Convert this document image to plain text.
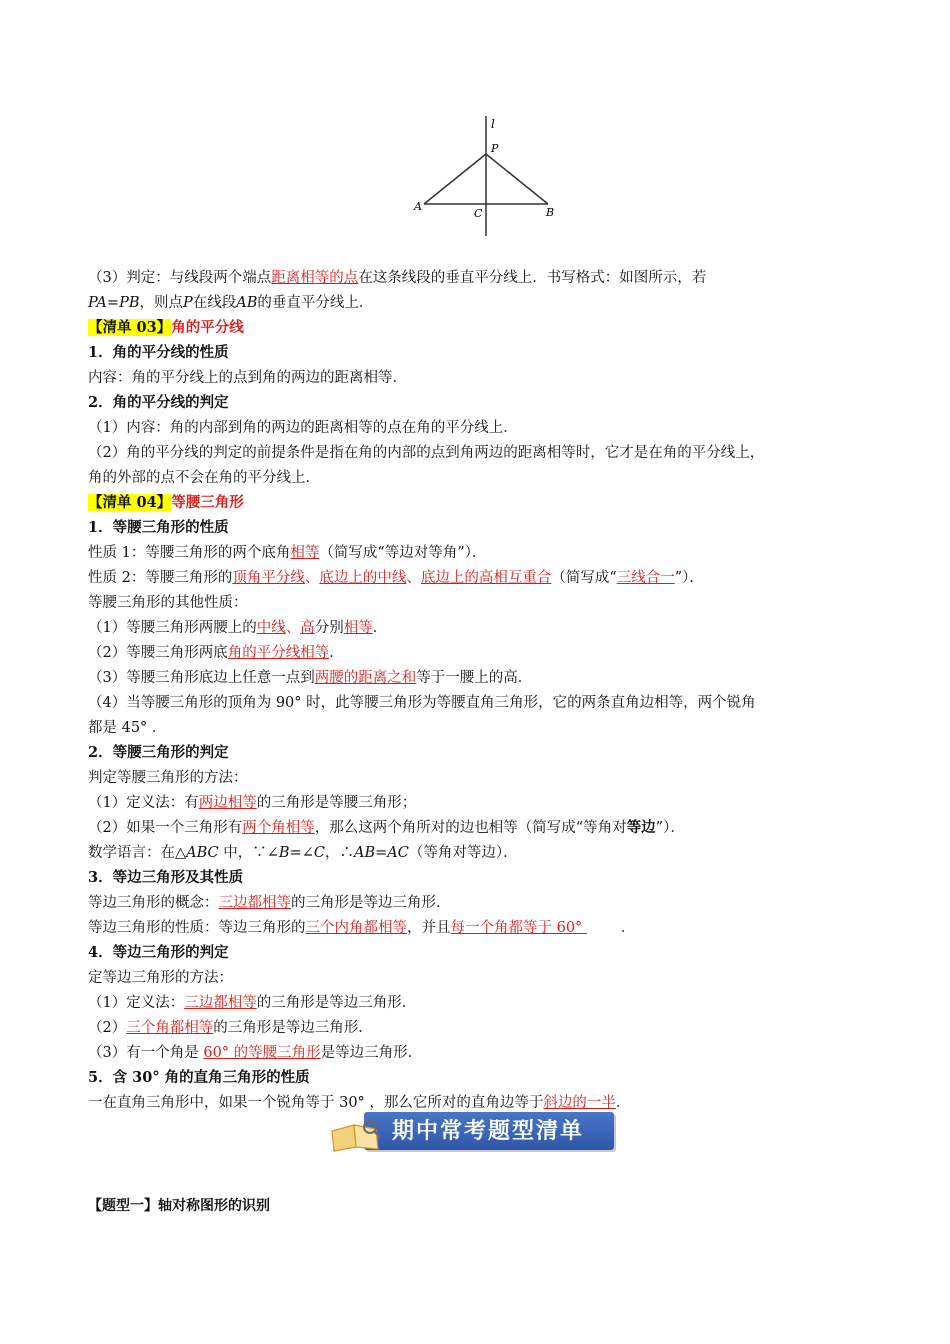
l
P
A
C	B
（3）判定：与线段两个端点距离相等的点在这条线段的垂直平分线上．书写格式：如图所示，若
PA=PB，则点P在线段AB的垂直平分线上．
【清单 03】角的平分线
1．角的平分线的性质
内容：角的平分线上的点到角的两边的距离相等．
2．角的平分线的判定
（1）内容：角的内部到角的两边的距离相等的点在角的平分线上．
（2）角的平分线的判定的前提条件是指在角的内部的点到角两边的距离相等时，它才是在角的平分线上，
角的外部的点不会在角的平分线上．
【清单 04】等腰三角形
1．等腰三角形的性质
性质 1：等腰三角形的两个底角相等（简写成“等边对等角”）．
性质 2：等腰三角形的顶角平分线、底边上的中线、底边上的高相互重合（简写成“三线合一”）．
等腰三角形的其他性质：
（1）等腰三角形两腰上的中线、高分别相等．
（2）等腰三角形两底角的平分线相等．
（3）等腰三角形底边上任意一点到两腰的距离之和等于一腰上的高．
（4）当等腰三角形的顶角为 90° 时，此等腰三角形为等腰直角三角形，它的两条直角边相等，两个锐角
都是 45° ．
2．等腰三角形的判定
判定等腰三角形的方法：
（1）定义法：有两边相等的三角形是等腰三角形；
（2）如果一个三角形有两个角相等，那么这两个角所对的边也相等（简写成“等角对等边”）．
数学语言：在△ABC 中，∵∠B=∠C，∴AB=AC（等角对等边）．
3．等边三角形及其性质
等边三角形的概念：三边都相等的三角形是等边三角形．
等边三角形的性质：等边三角形的三个内角都相等，并且每一个角都等于 60° ．
4．等边三角形的判定
定等边三角形的方法：
（1）定义法：三边都相等的三角形是等边三角形．
（2）三个角都相等的三角形是等边三角形．
（3）有一个角是 60° 的等腰三角形是等边三角形．
5．含 30° 角的直角三角形的性质
一在直角三角形中，如果一个锐角等于 30° ，那么它所对的直角边等于斜边的一半．
期中常考题型清单
【题型一】轴对称图形的识别
